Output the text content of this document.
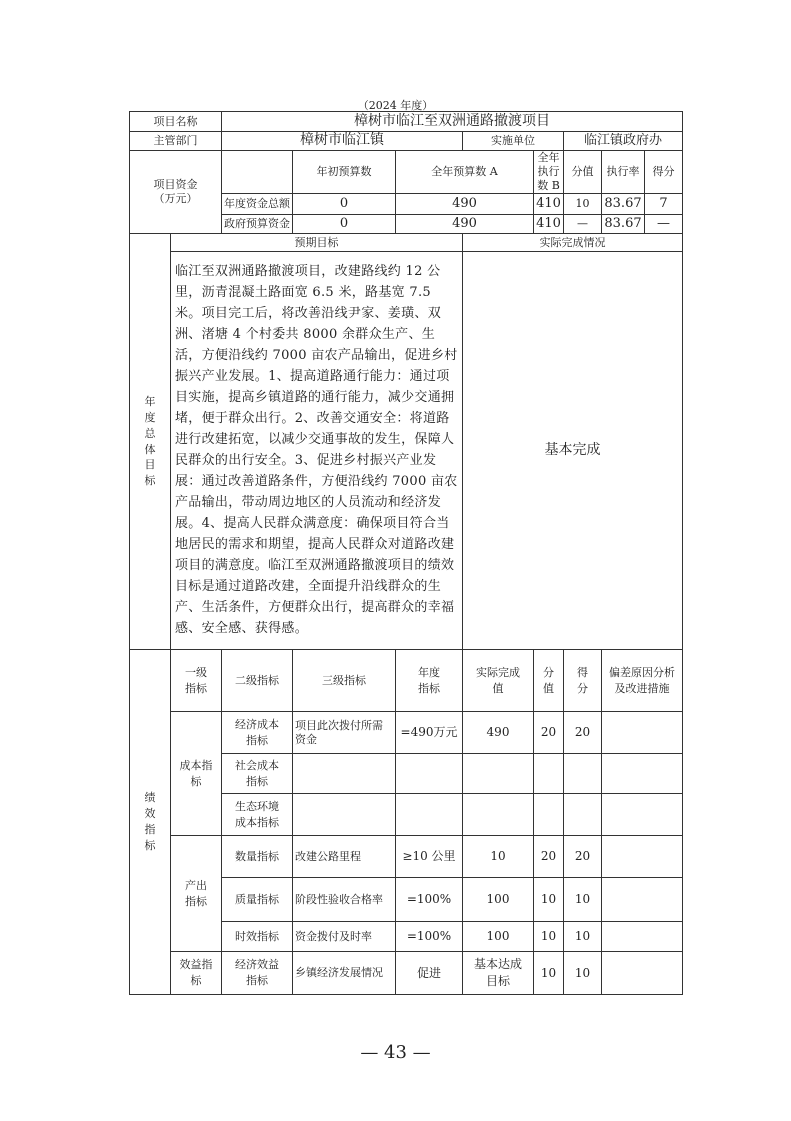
（2024 年度）
项目名称		樟树市临江至双洲通路撤渡项目							
主管部门		樟树市临江镇			实施单位		临江镇政府办		
项目资金
（万元）			年初预算数	全年预算数 A		全年执行数 B	分值	执行率	得分
		年度资金总额	0	490		410	10	83.67	7
		政府预算资金	0	490		410	—	83.67	—

年度总体目标	预期目标				实际完成情况				
	临江至双洲通路撤渡项目，改建路线约 12 公里，沥青混凝土路面宽 6.5 米，路基宽 7.5 米。项目完工后，将改善沿线尹家、姜璜、双洲、渚塘 4 个村委共 8000 余群众生产、生活，方便沿线约 7000 亩农产品输出，促进乡村振兴产业发展。1、提高道路通行能力：通过项目实施，提高乡镇道路的通行能力，减少交通拥堵，便于群众出行。2、改善交通安全：将道路进行改建拓宽，以减少交通事故的发生，保障人民群众的出行安全。3、促进乡村振兴产业发展：通过改善道路条件，方便沿线约 7000 亩农产品输出，带动周边地区的人员流动和经济发展。4、提高人民群众满意度：确保项目符合当地居民的需求和期望，提高人民群众对道路改建项目的满意度。临江至双洲通路撤渡项目的绩效目标是通过道路改建，全面提升沿线群众的生产、生活条件，方便群众出行，提高群众的幸福感、安全感、获得感。				基本完成				

绩效指标	一级指标	二级指标	三级指标	年度指标	实际完成值	分值	得分	偏差原因分析及改进措施	

	成本指标	经济成本指标	项目此次拨付所需资金	=490万元	490	20	20		

		社会成本指标							

		生态环境成本指标							

	产出指标	数量指标	改建公路里程	≥10 公里	10	20	20		
		质量指标	阶段性验收合格率	=100%	100	10	10		
		时效指标	资金拨付及时率	=100%	100	10	10		

	效益指标	经济效益指标	乡镇经济发展情况	促进	基本达成目标	10	10		
— 43 —
